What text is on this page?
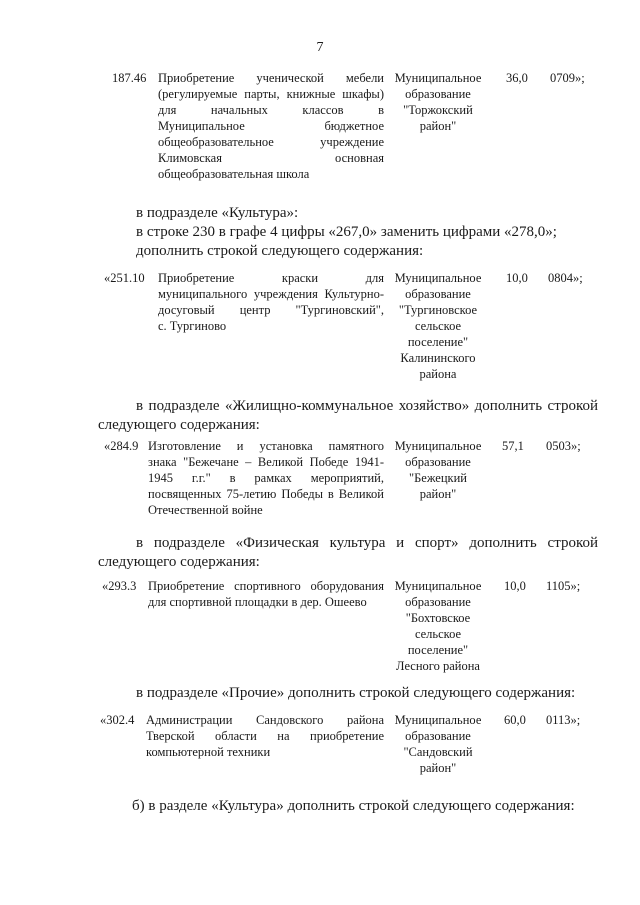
7
187.46 Приобретение ученической мебели
(регулируемые парты, книжные шкафы)
для начальных классов в
Муниципальное бюджетное
общеобразовательное учреждение
Климовская основная
общеобразовательная школа
Муниципальное
образование
"Торжокский
район"
36,0 0709»;
в подразделе «Культура»:
в строке 230 в графе 4 цифры «267,0» заменить цифрами «278,0»;
дополнить строкой следующего содержания:
«251.10 Приобретение краски для
муниципального учреждения Культурно-
досуговый центр "Тургиновский",
с. Тургиново
Муниципальное
образование
"Тургиновское
сельское
поселение"
Калининского
района
10,0 0804»;
в подразделе «Жилищно-коммунальное хозяйство» дополнить строкой
следующего содержания:
«284.9 Изготовление и установка памятного
знака "Бежечане – Великой Победе 1941-
1945 г.г." в рамках мероприятий,
посвященных 75-летию Победы в Великой
Отечественной войне
Муниципальное
образование
"Бежецкий
район"
57,1 0503»;
в подразделе «Физическая культура и спорт» дополнить строкой
следующего содержания:
«293.3 Приобретение спортивного оборудования
для спортивной площадки в дер. Ошеево
Муниципальное
образование
"Бохтовское
сельское
поселение"
Лесного района
10,0 1105»;
в подразделе «Прочие» дополнить строкой следующего содержания:
«302.4 Администрации Сандовского района
Тверской области на приобретение
компьютерной техники
Муниципальное
образование
"Сандовский
район"
60,0 0113»;
б) в разделе «Культура» дополнить строкой следующего содержания:
